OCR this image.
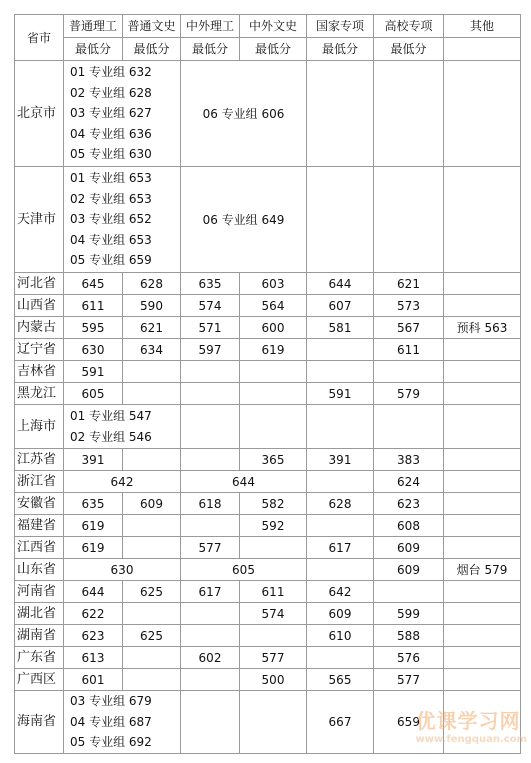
省市	普通理工	普通文史	中外理工	中外文史	国家专项	高校专项	其他
	最低分	最低分	最低分	最低分	最低分	最低分	
北京市	01 专业组 632
02 专业组 628
03 专业组 627
04 专业组 636
05 专业组 630		06 专业组 606				
天津市	01 专业组 653
02 专业组 653
03 专业组 652
04 专业组 653
05 专业组 659		06 专业组 649				
河北省	645	628	635	603	644	621	
山西省	611	590	574	564	607	573	
内蒙古	595	621	571	600	581	567	预科 563
辽宁省	630	634	597	619		611	
吉林省	591						
黑龙江	605				591	579	
上海市	01 专业组 547
02 专业组 546						

江苏省	391			365	391	383	
浙江省	642		644			624	
安徽省	635	609	618	582	628	623	
福建省	619			592		608	
江西省	619		577		617	609	
山东省	630		605			609	烟台 579
河南省	644	625	617	611	642		
湖北省	622			574	609	599	
湖南省	623	625			610	588	
广东省	613		602	577		576	
广西区	601			500	565	577	
海南省	03 专业组 679
04 专业组 687
05 专业组 692				667	659	
优课学习网
www.fengquan.com
